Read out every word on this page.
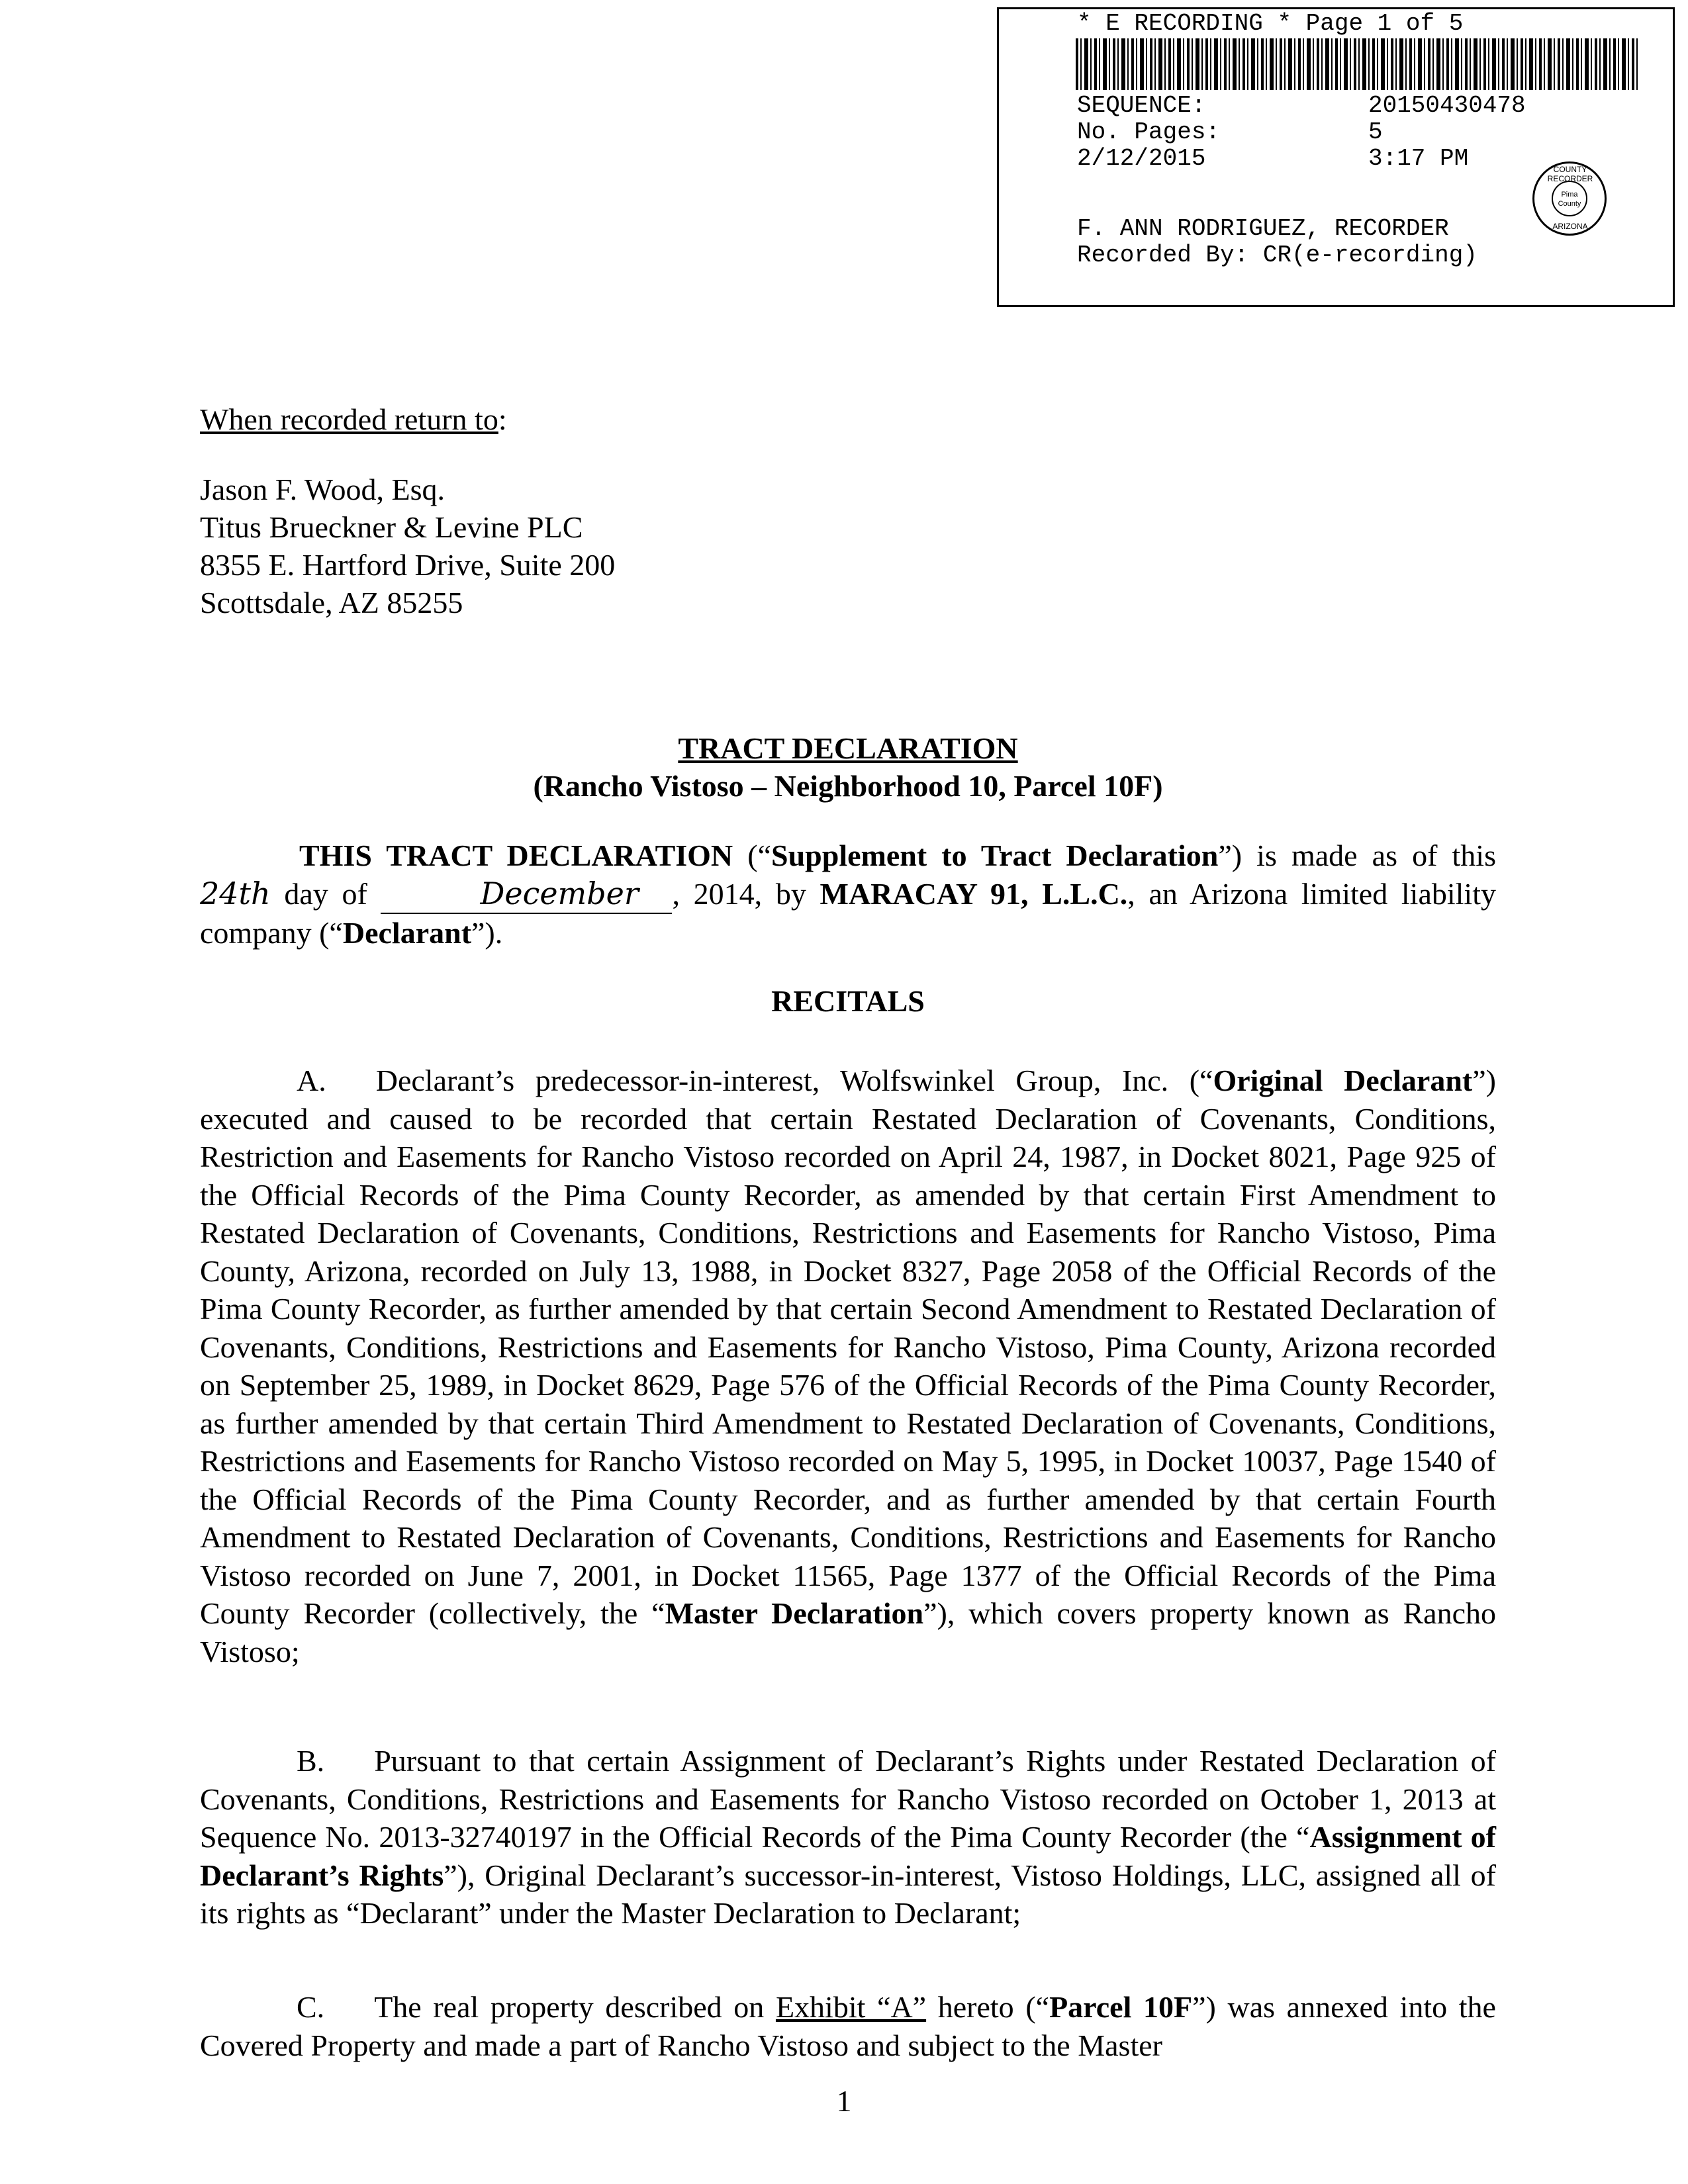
* E RECORDING * Page 1 of 5
SEQUENCE:	20150430478
No. Pages:	5
2/12/2015	3:17 PM
F. ANN RODRIGUEZ, RECORDER
Recorded By: CR(e-recording)
COUNTY RECORDER
Pima County
ARIZONA
When recorded return to:
Jason F. Wood, Esq.
Titus Brueckner & Levine PLC
8355 E. Hartford Drive, Suite 200
Scottsdale, AZ 85255
TRACT DECLARATION
(Rancho Vistoso – Neighborhood 10, Parcel 10F)
THIS TRACT DECLARATION (“Supplement to Tract Declaration”) is made as of this 24th day of	December , 2014, by MARACAY 91, L.L.C., an Arizona limited liability company (“Declarant”).
RECITALS
A. Declarant’s predecessor-in-interest, Wolfswinkel Group, Inc. (“Original Declarant”) executed and caused to be recorded that certain Restated Declaration of Covenants, Conditions, Restriction and Easements for Rancho Vistoso recorded on April 24, 1987, in Docket 8021, Page 925 of the Official Records of the Pima County Recorder, as amended by that certain First Amendment to Restated Declaration of Covenants, Conditions, Restrictions and Easements for Rancho Vistoso, Pima County, Arizona, recorded on July 13, 1988, in Docket 8327, Page 2058 of the Official Records of the Pima County Recorder, as further amended by that certain Second Amendment to Restated Declaration of Covenants, Conditions, Restrictions and Easements for Rancho Vistoso, Pima County, Arizona recorded on September 25, 1989, in Docket 8629, Page 576 of the Official Records of the Pima County Recorder, as further amended by that certain Third Amendment to Restated Declaration of Covenants, Conditions, Restrictions and Easements for Rancho Vistoso recorded on May 5, 1995, in Docket 10037, Page 1540 of the Official Records of the Pima County Recorder, and as further amended by that certain Fourth Amendment to Restated Declaration of Covenants, Conditions, Restrictions and Easements for Rancho Vistoso recorded on June 7, 2001, in Docket 11565, Page 1377 of the Official Records of the Pima County Recorder (collectively, the “Master Declaration”), which covers property known as Rancho Vistoso;
B. Pursuant to that certain Assignment of Declarant’s Rights under Restated Declaration of Covenants, Conditions, Restrictions and Easements for Rancho Vistoso recorded on October 1, 2013 at Sequence No. 2013-32740197 in the Official Records of the Pima County Recorder (the “Assignment of Declarant’s Rights”), Original Declarant’s successor-in-interest, Vistoso Holdings, LLC, assigned all of its rights as “Declarant” under the Master Declaration to Declarant;
C. The real property described on Exhibit “A” hereto (“Parcel 10F”) was annexed into the Covered Property and made a part of Rancho Vistoso and subject to the Master
1
